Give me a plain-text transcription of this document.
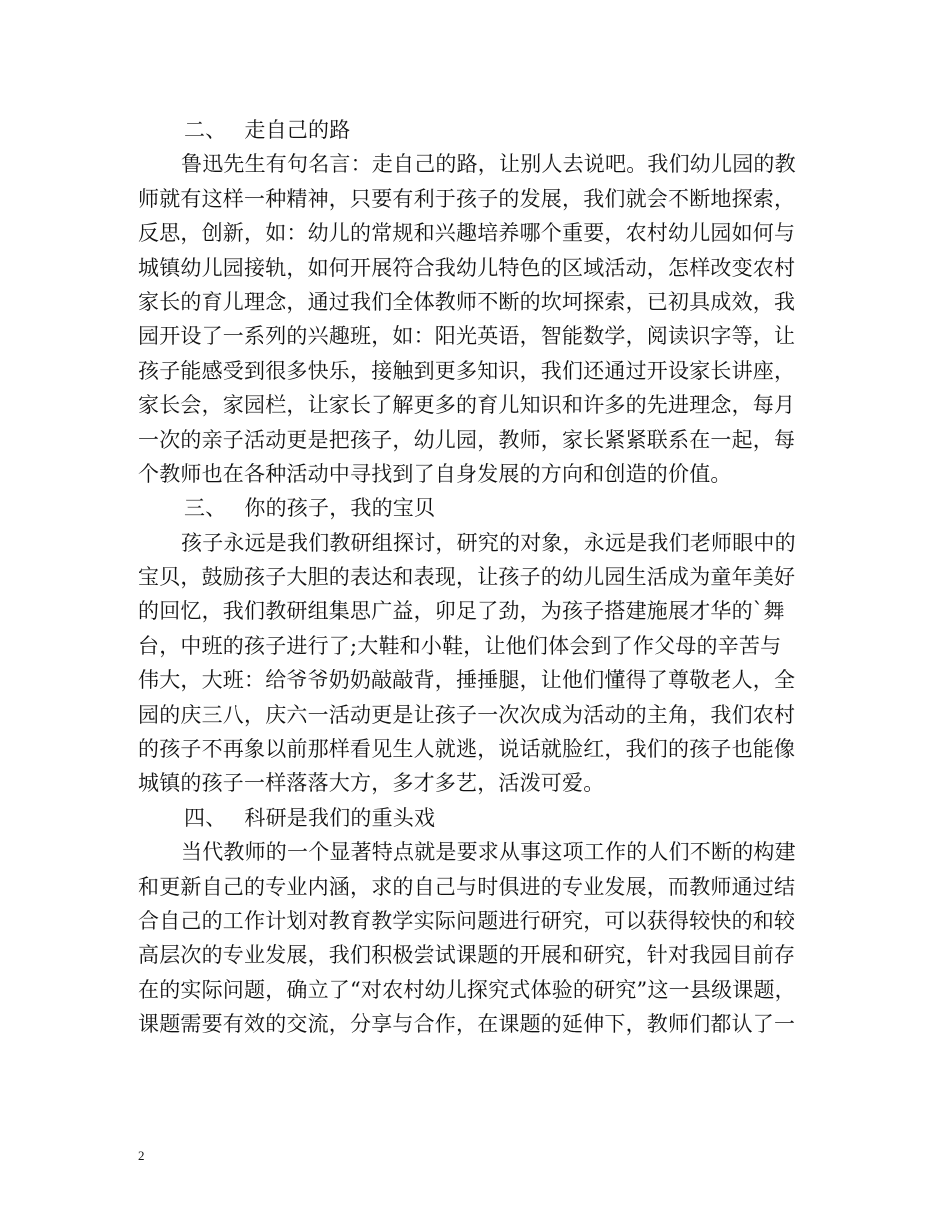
二、 走自己的路
鲁迅先生有句名言：走自己的路，让别人去说吧。我们幼儿园的教
师就有这样一种精神，只要有利于孩子的发展，我们就会不断地探索，
反思，创新，如：幼儿的常规和兴趣培养哪个重要，农村幼儿园如何与
城镇幼儿园接轨，如何开展符合我幼儿特色的区域活动，怎样改变农村
家长的育儿理念，通过我们全体教师不断的坎坷探索，已初具成效，我
园开设了一系列的兴趣班，如：阳光英语，智能数学，阅读识字等，让
孩子能感受到很多快乐，接触到更多知识，我们还通过开设家长讲座，
家长会，家园栏，让家长了解更多的育儿知识和许多的先进理念，每月
一次的亲子活动更是把孩子，幼儿园，教师，家长紧紧联系在一起，每
个教师也在各种活动中寻找到了自身发展的方向和创造的价值。
三、 你的孩子，我的宝贝
孩子永远是我们教研组探讨，研究的对象，永远是我们老师眼中的
宝贝，鼓励孩子大胆的表达和表现，让孩子的幼儿园生活成为童年美好
的回忆，我们教研组集思广益，卯足了劲，为孩子搭建施展才华的`舞
台，中班的孩子进行了;大鞋和小鞋，让他们体会到了作父母的辛苦与
伟大，大班：给爷爷奶奶敲敲背，捶捶腿，让他们懂得了尊敬老人，全
园的庆三八，庆六一活动更是让孩子一次次成为活动的主角，我们农村
的孩子不再象以前那样看见生人就逃，说话就脸红，我们的孩子也能像
城镇的孩子一样落落大方，多才多艺，活泼可爱。
四、 科研是我们的重头戏
当代教师的一个显著特点就是要求从事这项工作的人们不断的构建
和更新自己的专业内涵，求的自己与时俱进的专业发展，而教师通过结
合自己的工作计划对教育教学实际问题进行研究，可以获得较快的和较
高层次的专业发展，我们积极尝试课题的开展和研究，针对我园目前存
在的实际问题，确立了“对农村幼儿探究式体验的研究”这一县级课题，
课题需要有效的交流，分享与合作，在课题的延伸下，教师们都认了一
2
